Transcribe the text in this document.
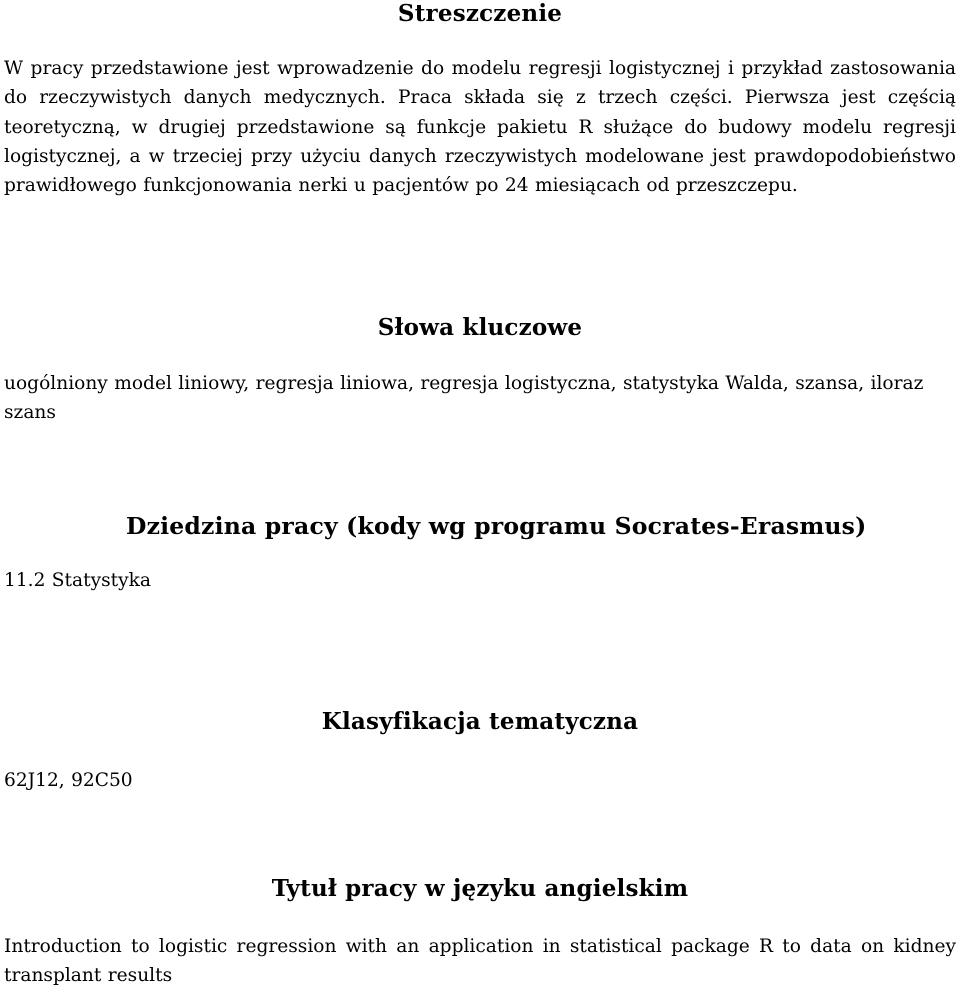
Streszczenie

W pracy przedstawione jest wprowadzenie do modelu regresji logistycznej i przykład zastosowania do rzeczywistych danych medycznych. Praca składa się z trzech części. Pierwsza jest częścią teoretyczną, w drugiej przedstawione są funkcje pakietu R służące do budowy modelu regresji logistycznej, a w trzeciej przy użyciu danych rzeczywistych modelowane jest prawdopodobieństwo prawidłowego funkcjonowania nerki u pacjentów po 24 miesiącach od przeszczepu.

Słowa kluczowe

uogólniony model liniowy, regresja liniowa, regresja logistyczna, statystyka Walda, szansa, iloraz szans

Dziedzina pracy (kody wg programu Socrates-Erasmus)

11.2 Statystyka

Klasyfikacja tematyczna

62J12, 92C50

Tytuł pracy w języku angielskim

Introduction to logistic regression with an application in statistical package R to data on kidney transplant results
